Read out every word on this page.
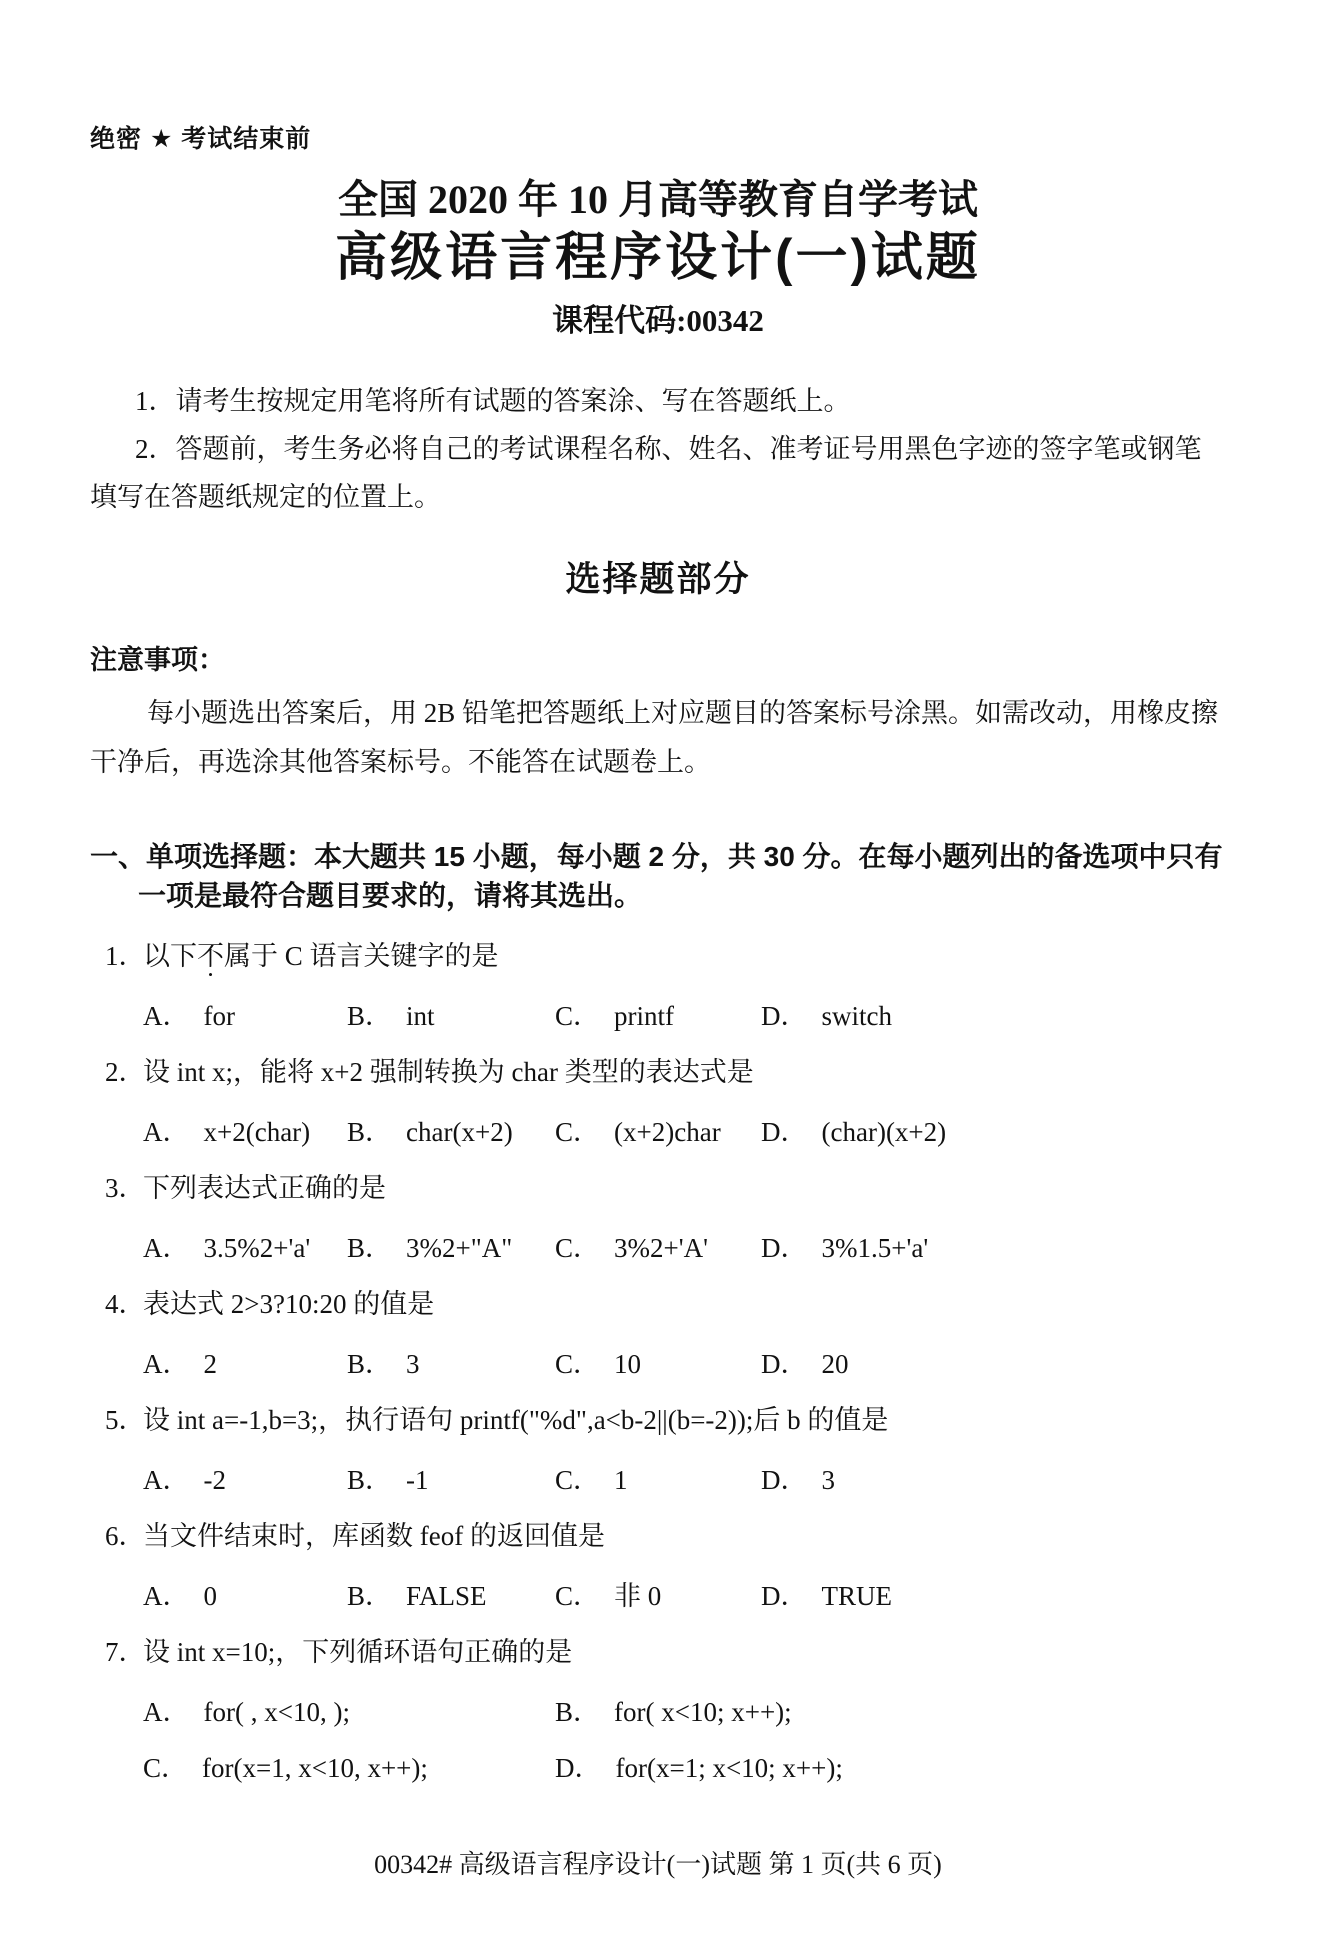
绝密 ★ 考试结束前
全国 2020 年 10 月高等教育自学考试
高级语言程序设计(一)试题
课程代码:00342

1．请考生按规定用笔将所有试题的答案涂、写在答题纸上。

2．答题前，考生务必将自己的考试课程名称、姓名、准考证号用黑色字迹的签字笔或钢笔填写在答题纸规定的位置上。

选择题部分
注意事项：

每小题选出答案后，用 2B 铅笔把答题纸上对应题目的答案标号涂黑。如需改动，用橡皮擦干净后，再选涂其他答案标号。不能答在试题卷上。

一、单项选择题：本大题共 15 小题，每小题 2 分，共 30 分。在每小题列出的备选项中只有一项是最符合题目要求的，请将其选出。
1．以下不属于 C 语言关键字的是
A． for	B． int	C． printf	D． switch
2．设 int x;，能将 x+2 强制转换为 char 类型的表达式是
A． x+2(char)	B． char(x+2)	C． (x+2)char	D． (char)(x+2)
3．下列表达式正确的是
A． 3.5%2+'a'	B． 3%2+"A"	C． 3%2+'A'	D． 3%1.5+'a'
4．表达式 2>3?10:20 的值是
A． 2	B． 3	C． 10	D． 20
5．设 int a=-1,b=3;，执行语句 printf("%d",a<b-2||(b=-2));后 b 的值是
A． -2	B． -1	C． 1	D． 3
6．当文件结束时，库函数 feof 的返回值是
A． 0	B． FALSE	C． 非 0	D． TRUE
7．设 int x=10;，下列循环语句正确的是
A． for( , x<10, );	B． for( x<10; x++);
C． for(x=1, x<10, x++);	D． for(x=1; x<10; x++);
00342# 高级语言程序设计(一)试题 第 1 页(共 6 页)
